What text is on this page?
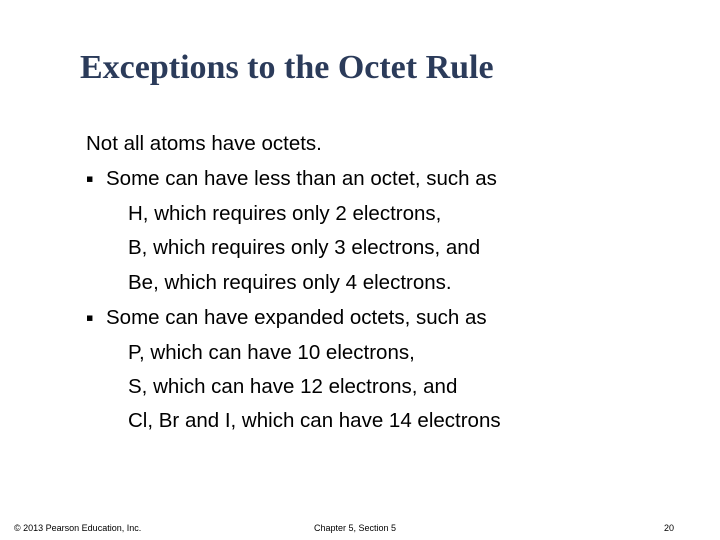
Exceptions to the Octet Rule
Not all atoms have octets.
▪ Some can have less than an octet, such as
H, which requires only 2 electrons,
B, which requires only 3 electrons, and
Be, which requires only 4 electrons.
▪ Some can have expanded octets, such as
P, which can have 10 electrons,
S, which can have 12 electrons, and
Cl, Br and I, which can have 14 electrons
© 2013 Pearson Education, Inc.	Chapter 5, Section 5	20
